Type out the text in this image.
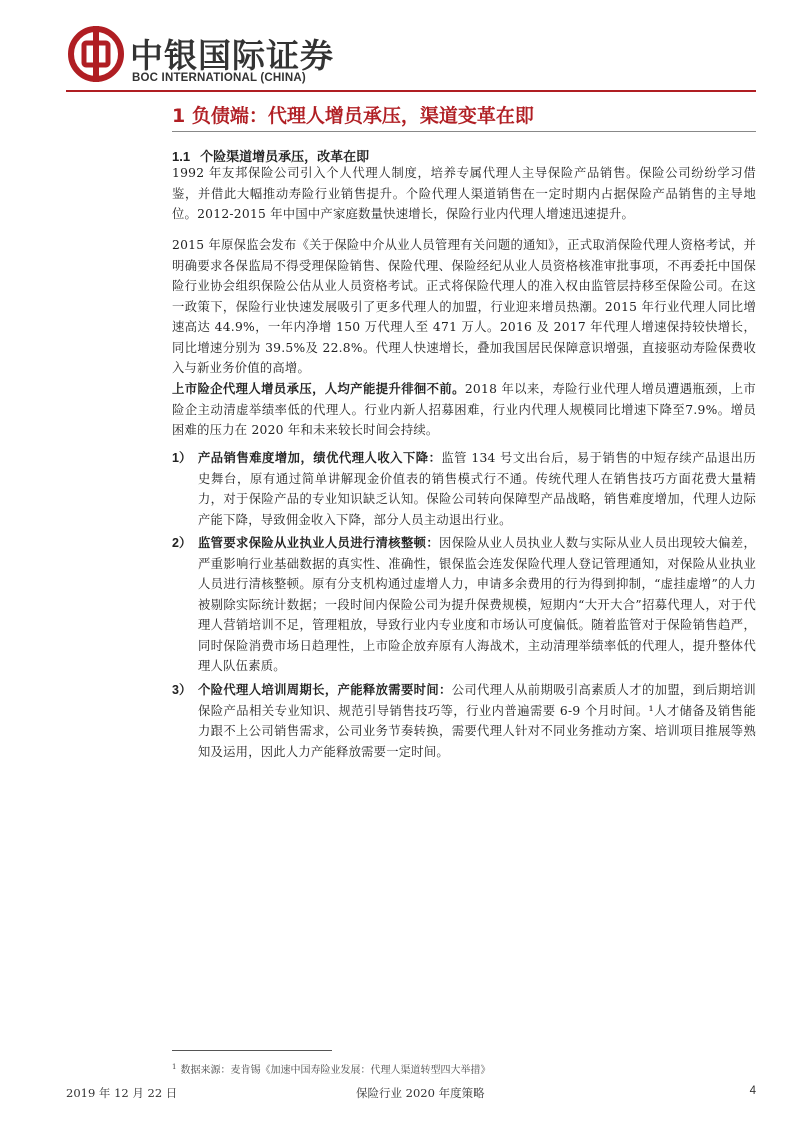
中银国际证券
BOC INTERNATIONAL (CHINA)
1 负债端：代理人增员承压，渠道变革在即
1.1 个险渠道增员承压，改革在即
1992 年友邦保险公司引入个人代理人制度，培养专属代理人主导保险产品销售。保险公司纷纷学习借鉴，并借此大幅推动寿险行业销售提升。个险代理人渠道销售在一定时期内占据保险产品销售的主导地位。2012-2015 年中国中产家庭数量快速增长，保险行业内代理人增速迅速提升。
2015 年原保监会发布《关于保险中介从业人员管理有关问题的通知》，正式取消保险代理人资格考试，并明确要求各保监局不得受理保险销售、保险代理、保险经纪从业人员资格核准审批事项，不再委托中国保险行业协会组织保险公估从业人员资格考试。正式将保险代理人的准入权由监管层持移至保险公司。在这一政策下，保险行业快速发展吸引了更多代理人的加盟，行业迎来增员热潮。2015 年行业代理人同比增速高达 44.9%，一年内净增 150 万代理人至 471 万人。2016 及 2017 年代理人增速保持较快增长，同比增速分别为 39.5%及 22.8%。代理人快速增长，叠加我国居民保障意识增强，直接驱动寿险保费收入与新业务价值的高增。
上市险企代理人增员承压，人均产能提升徘徊不前。2018 年以来，寿险行业代理人增员遭遇瓶颈，上市险企主动清虚举绩率低的代理人。行业内新人招募困难，行业内代理人规模同比增速下降至7.9%。增员困难的压力在 2020 年和未来较长时间会持续。
1） 产品销售难度增加，绩优代理人收入下降：监管 134 号文出台后，易于销售的中短存续产品退出历史舞台，原有通过简单讲解现金价值表的销售模式行不通。传统代理人在销售技巧方面花费大量精力，对于保险产品的专业知识缺乏认知。保险公司转向保障型产品战略，销售难度增加，代理人边际产能下降，导致佣金收入下降，部分人员主动退出行业。
2） 监管要求保险从业执业人员进行清核整顿：因保险从业人员执业人数与实际从业人员出现较大偏差，严重影响行业基础数据的真实性、准确性，银保监会连发保险代理人登记管理通知，对保险从业执业人员进行清核整顿。原有分支机构通过虚增人力，申请多余费用的行为得到抑制，“虚挂虚增”的人力被剔除实际统计数据；一段时间内保险公司为提升保费规模，短期内“大开大合”招募代理人，对于代理人营销培训不足，管理粗放，导致行业内专业度和市场认可度偏低。随着监管对于保险销售趋严，同时保险消费市场日趋理性，上市险企放弃原有人海战术，主动清理举绩率低的代理人，提升整体代理人队伍素质。
3） 个险代理人培训周期长，产能释放需要时间：公司代理人从前期吸引高素质人才的加盟，到后期培训保险产品相关专业知识、规范引导销售技巧等，行业内普遍需要 6-9 个月时间。¹人才储备及销售能力跟不上公司销售需求，公司业务节奏转换，需要代理人针对不同业务推动方案、培训项目推展等熟知及运用，因此人力产能释放需要一定时间。
$^1$ 数据来源：麦肯锡《加速中国寿险业发展：代理人渠道转型四大举措》
2019 年 12 月 22 日	保险行业 2020 年度策略	4
